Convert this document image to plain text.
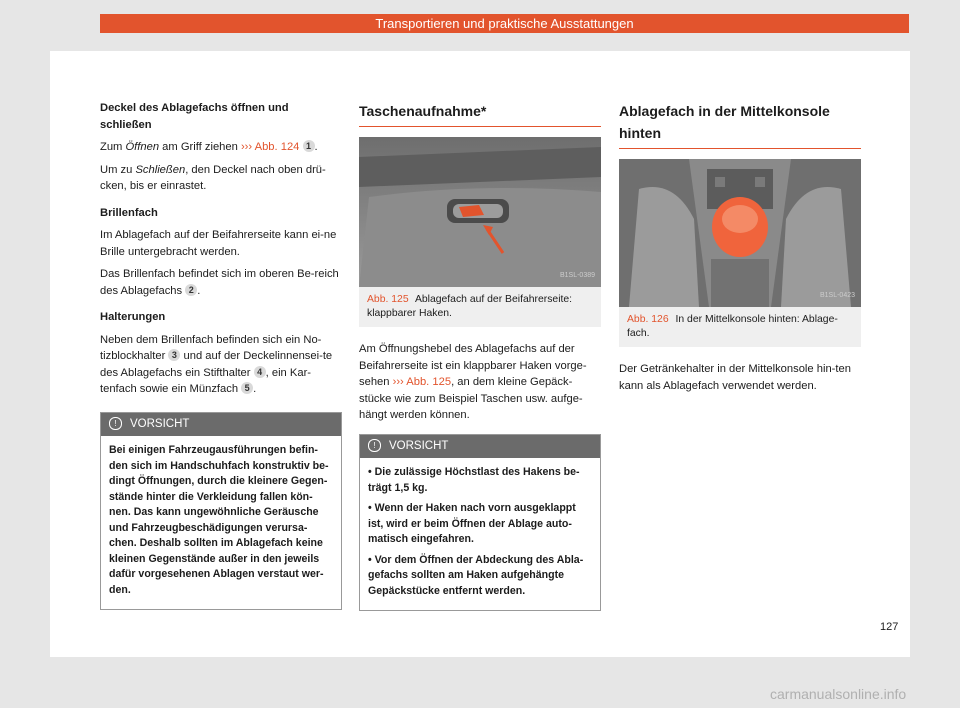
Transportieren und praktische Ausstattungen

Deckel des Ablagefachs öffnen und schließen

Zum Öffnen am Griff ziehen ››› Abb. 124 1 .

Um zu Schließen, den Deckel nach oben drü-cken, bis er einrastet.

Brillenfach

Im Ablagefach auf der Beifahrerseite kann ei-ne Brille untergebracht werden.

Das Brillenfach befindet sich im oberen Be-reich des Ablagefachs 2 .

Halterungen

Neben dem Brillenfach befinden sich ein No-tizblockhalter 3 und auf der Deckelinnensei-te des Ablagefachs ein Stifthalter 4 , ein Kar-tenfach sowie ein Münzfach 5 .

! VORSICHT

Bei einigen Fahrzeugausführungen befin-den sich im Handschuhfach konstruktiv be-dingt Öffnungen, durch die kleinere Gegen-stände hinter die Verkleidung fallen kön-nen. Das kann ungewöhnliche Geräusche und Fahrzeugbeschädigungen verursa-chen. Deshalb sollten im Ablagefach keine kleinen Gegenstände außer in den jeweils dafür vorgesehenen Ablagen verstaut wer-den.

Taschenaufnahme*
B1SL-0389
Abb. 125 Ablagefach auf der Beifahrerseite: klappbarer Haken.

Am Öffnungshebel des Ablagefachs auf der Beifahrerseite ist ein klappbarer Haken vorge-sehen ››› Abb. 125, an dem kleine Gepäck-stücke wie zum Beispiel Taschen usw. aufge-hängt werden können.

! VORSICHT

• Die zulässige Höchstlast des Hakens be-trägt 1,5 kg.

• Wenn der Haken nach vorn ausgeklappt ist, wird er beim Öffnen der Ablage auto-matisch eingefahren.

• Vor dem Öffnen der Abdeckung des Abla-gefachs sollten am Haken aufgehängte Gepäckstücke entfernt werden.

Ablagefach in der Mittelkonsole hinten
B1SL-0423
Abb. 126 In der Mittelkonsole hinten: Ablage-fach.

Der Getränkehalter in der Mittelkonsole hin-ten kann als Ablagefach verwendet werden.

127
carmanualsonline.info
